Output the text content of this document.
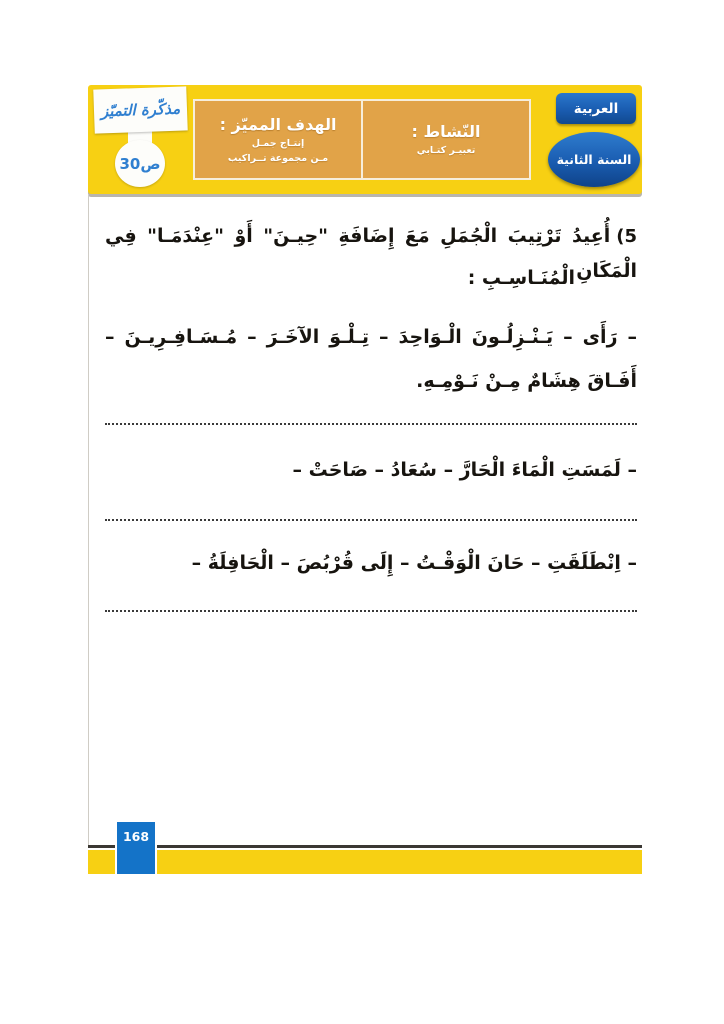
مذكّرة التميّز
ص30
الهدف المميّز :
إنتـاج جمـل
مـن مجموعة تــراكيب
النّشاط :
تعبيـر كتـابي
العربية
السنة الثانية
(5أُعِيدُ تَرْتِيبَ الْجُمَلِ مَعَ إِضَافَةِ "حِيـنَ" أَوْ "عِنْدَمَـا" فِي الْمَكَانِ
الْمُنَـاسِـبِ :
– رَأَى – يَـنْـزِلُـونَ الْـوَاحِدَ – تِـلْـوَ الآخَـرَ – مُـسَـافِـرِيـنَ –
أَفَـاقَ هِشَامٌ مِـنْ نَـوْمِـهِ.
– لَمَسَتِ الْمَاءَ الْحَارَّ – سُعَادُ – صَاحَتْ –
– اِنْطَلَقَتِ – حَانَ الْوَقْـتُ – إِلَى قُرْبُصَ – الْحَافِلَةُ –
168
